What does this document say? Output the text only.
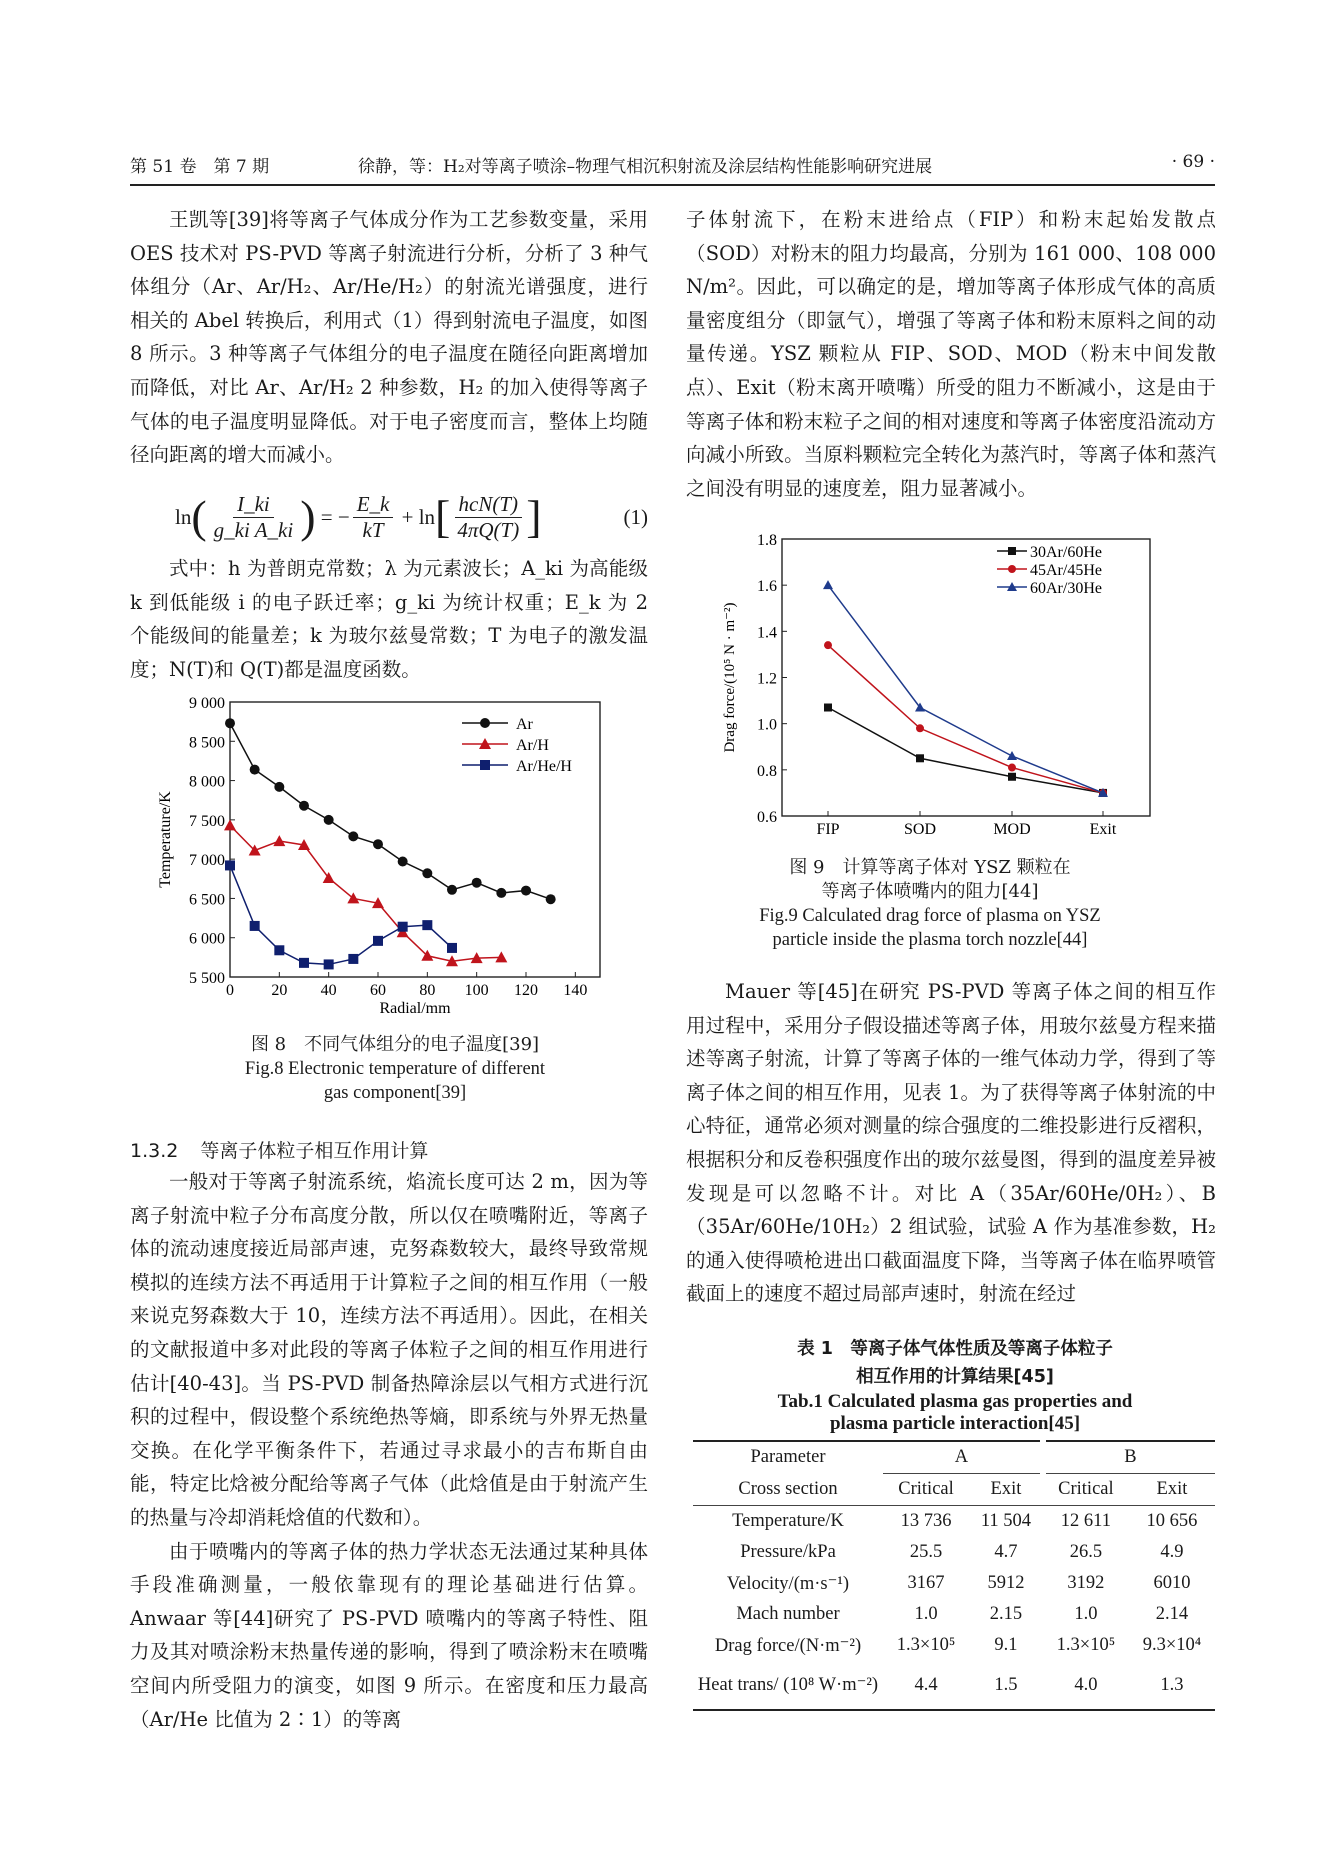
第 51 卷　第 7 期	徐静，等：H₂对等离子喷涂–物理气相沉积射流及涂层结构性能影响研究进展	· 69 ·

王凯等[39]将等离子气体成分作为工艺参数变量，采用 OES 技术对 PS-PVD 等离子射流进行分析，分析了 3 种气体组分（Ar、Ar/H₂、Ar/He/H₂）的射流光谱强度，进行相关的 Abel 转换后，利用式（1）得到射流电子温度，如图 8 所示。3 种等离子气体组分的电子温度在随径向距离增加而降低，对比 Ar、Ar/H₂ 2 种参数，H₂ 的加入使得等离子气体的电子温度明显降低。对于电子密度而言，整体上均随径向距离的增大而减小。

ln ( $\frac{I\_ki}{\text{g\_ki A\_ki}}$ ) = − $\frac{E\_k}{kT} + \ln$ [ $\frac{\text{hcN(T)}}{4\pi Q(T)}$ ]	(1)

式中：h 为普朗克常数；λ 为元素波长；A_ki 为高能级 k 到低能级 i 的电子跃迁率；g_ki 为统计权重；E_k 为 2 个能级间的能量差；k 为玻尔兹曼常数；T 为电子的激发温度；N(T)和 Q(T)都是温度函数。

5 500
6 000
6 500
7 000
7 500
8 000
8 500
9 000
0 20 40 60 80 100 120 140
Radial/mm
Temperature/K
Ar
Ar/H
Ar/He/H
图 8　不同气体组分的电子温度[39]
Fig.8 Electronic temperature of different
gas component[39]
1.3.2 等离子体粒子相互作用计算

一般对于等离子射流系统，焰流长度可达 2 m，因为等离子射流中粒子分布高度分散，所以仅在喷嘴附近，等离子体的流动速度接近局部声速，克努森数较大，最终导致常规模拟的连续方法不再适用于计算粒子之间的相互作用（一般来说克努森数大于 10，连续方法不再适用）。因此，在相关的文献报道中多对此段的等离子体粒子之间的相互作用进行估计[40-43]。当 PS-PVD 制备热障涂层以气相方式进行沉积的过程中，假设整个系统绝热等熵，即系统与外界无热量交换。在化学平衡条件下，若通过寻求最小的吉布斯自由能，特定比焓被分配给等离子气体（此焓值是由于射流产生的热量与冷却消耗焓值的代数和）。

由于喷嘴内的等离子体的热力学状态无法通过某种具体手段准确测量，一般依靠现有的理论基础进行估算。Anwaar 等[44]研究了 PS-PVD 喷嘴内的等离子特性、阻力及其对喷涂粉末热量传递的影响，得到了喷涂粉末在喷嘴空间内所受阻力的演变，如图 9 所示。在密度和压力最高（Ar/He 比值为 2∶1）的等离

子体射流下，在粉末进给点（FIP）和粉末起始发散点（SOD）对粉末的阻力均最高，分别为 161 000、108 000 N/m²。因此，可以确定的是，增加等离子体形成气体的高质量密度组分（即氩气），增强了等离子体和粉末原料之间的动量传递。YSZ 颗粒从 FIP、SOD、MOD（粉末中间发散点）、Exit（粉末离开喷嘴）所受的阻力不断减小，这是由于等离子体和粉末粒子之间的相对速度和等离子体密度沿流动方向减小所致。当原料颗粒完全转化为蒸汽时，等离子体和蒸汽之间没有明显的速度差，阻力显著减小。

0.6
0.8
1.0
1.2
1.4
1.6
1.8
FIP	SOD	MOD	Exit
Drag force/(10⁵ N · m⁻²)
30Ar/60He
45Ar/45He
60Ar/30He
图 9　计算等离子体对 YSZ 颗粒在
等离子体喷嘴内的阻力[44]
Fig.9 Calculated drag force of plasma on YSZ
particle inside the plasma torch nozzle[44]

Mauer 等[45]在研究 PS-PVD 等离子体之间的相互作用过程中，采用分子假设描述等离子体，用玻尔兹曼方程来描述等离子射流，计算了等离子体的一维气体动力学，得到了等离子体之间的相互作用，见表 1。为了获得等离子体射流的中心特征，通常必须对测量的综合强度的二维投影进行反褶积，根据积分和反卷积强度作出的玻尔兹曼图，得到的温度差异被发现是可以忽略不计。对比 A（35Ar/60He/0H₂）、B（35Ar/60He/10H₂）2 组试验，试验 A 作为基准参数，H₂ 的通入使得喷枪进出口截面温度下降，当等离子体在临界喷管截面上的速度不超过局部声速时，射流在经过

表 1　等离子体气体性质及等离子体粒子
相互作用的计算结果[45]
Tab.1 Calculated plasma gas properties and
plasma particle interaction[45]
Parameter	A		B	
Cross section	Critical	Exit	Critical	Exit
Temperature/K	13 736	11 504	12 611	10 656
Pressure/kPa	25.5	4.7	26.5	4.9
Velocity/(m·s⁻¹)	3167	5912	3192	6010
Mach number	1.0	2.15	1.0	2.14
Drag force/(N·m⁻²)	1.3×10⁵	9.1	1.3×10⁵	9.3×10⁴
Heat trans/ (10⁸ W·m⁻²)	4.4	1.5	4.0	1.3
